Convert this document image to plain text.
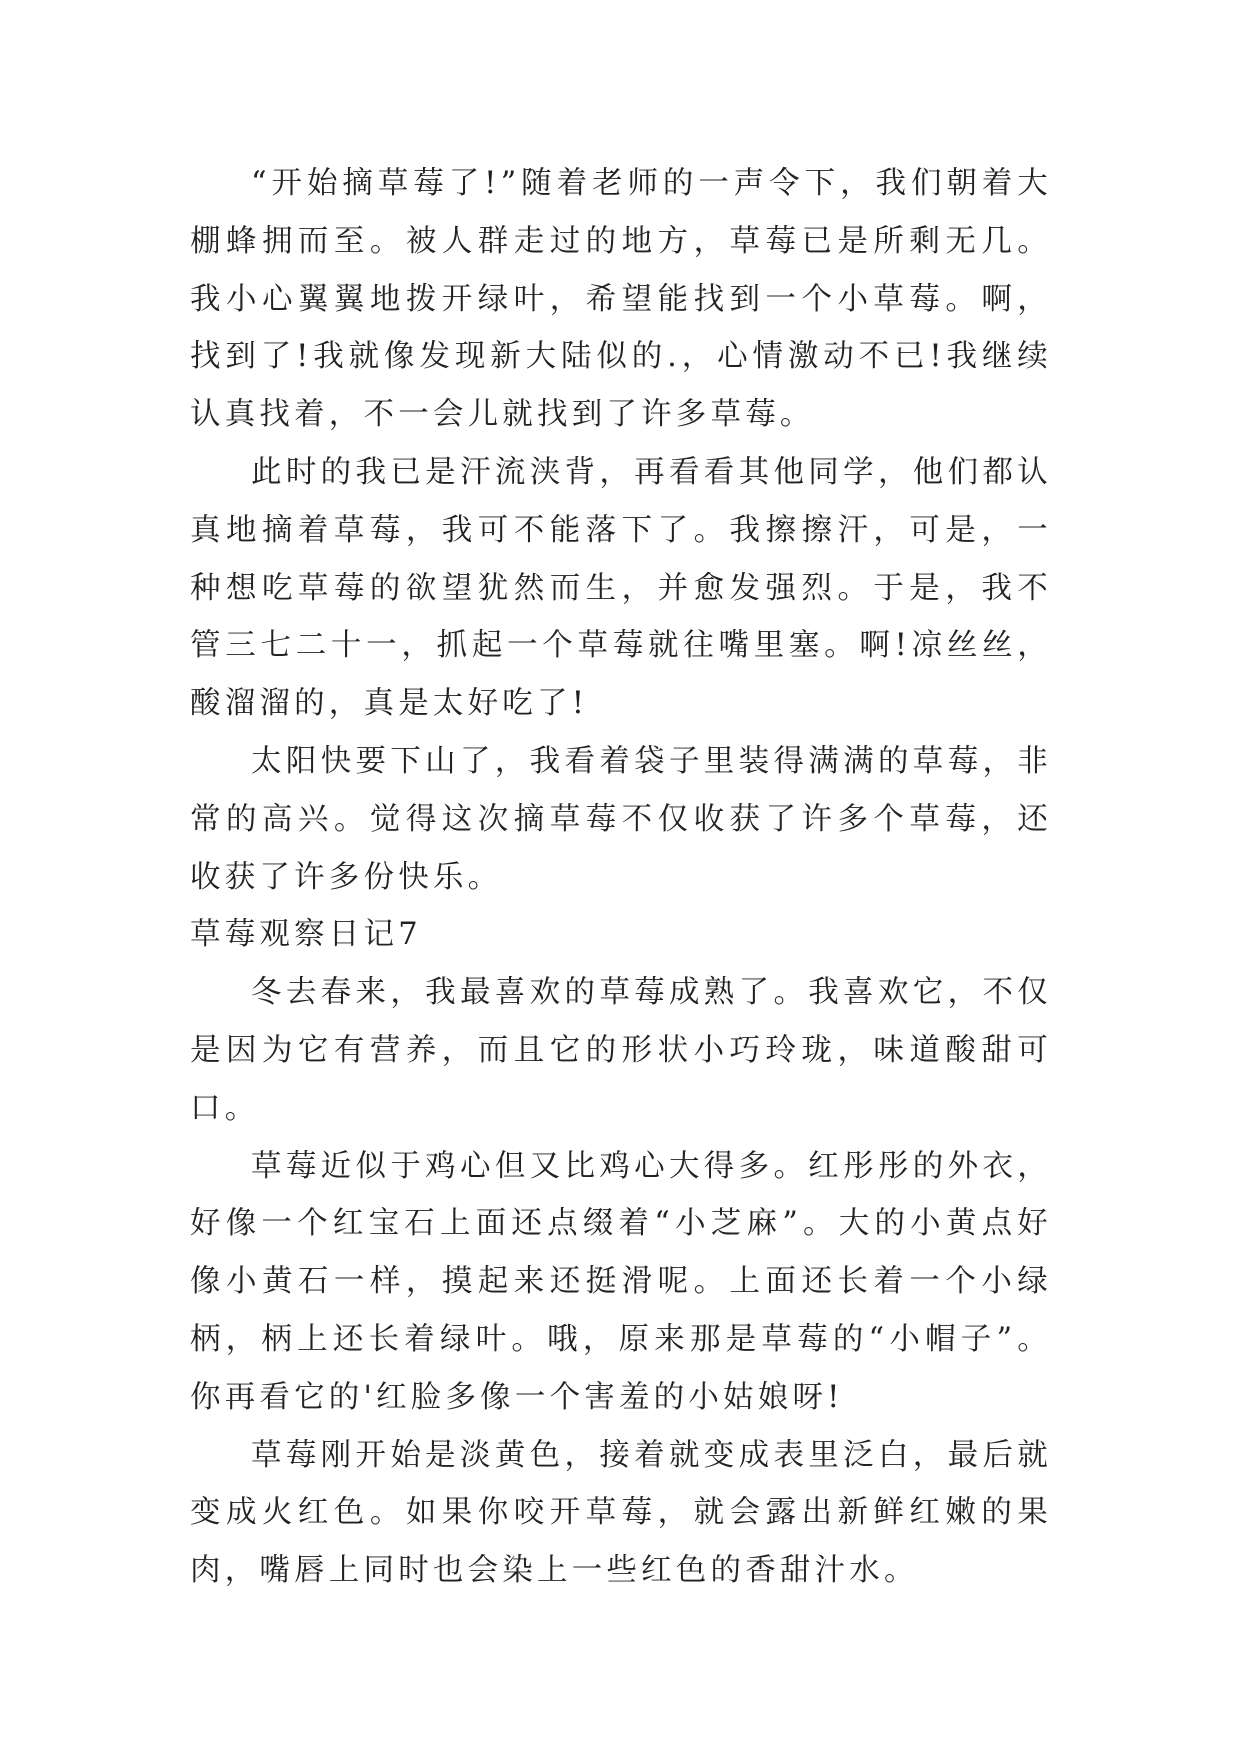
“开始摘草莓了!”随着老师的一声令下，我们朝着大棚蜂拥而至。被人群走过的地方，草莓已是所剩无几。我小心翼翼地拨开绿叶，希望能找到一个小草莓。啊，找到了!我就像发现新大陆似的.，心情激动不已!我继续认真找着，不一会儿就找到了许多草莓。

此时的我已是汗流浃背，再看看其他同学，他们都认真地摘着草莓，我可不能落下了。我擦擦汗，可是，一种想吃草莓的欲望犹然而生，并愈发强烈。于是，我不管三七二十一，抓起一个草莓就往嘴里塞。啊!凉丝丝，酸溜溜的，真是太好吃了!

太阳快要下山了，我看着袋子里装得满满的草莓，非常的高兴。觉得这次摘草莓不仅收获了许多个草莓，还收获了许多份快乐。

草莓观察日记7

冬去春来，我最喜欢的草莓成熟了。我喜欢它，不仅是因为它有营养，而且它的形状小巧玲珑，味道酸甜可口。

草莓近似于鸡心但又比鸡心大得多。红彤彤的外衣，好像一个红宝石上面还点缀着“小芝麻”。大的小黄点好像小黄石一样，摸起来还挺滑呢。上面还长着一个小绿柄，柄上还长着绿叶。哦，原来那是草莓的“小帽子”。你再看它的'红脸多像一个害羞的小姑娘呀!

草莓刚开始是淡黄色，接着就变成表里泛白，最后就变成火红色。如果你咬开草莓，就会露出新鲜红嫩的果肉，嘴唇上同时也会染上一些红色的香甜汁水。
